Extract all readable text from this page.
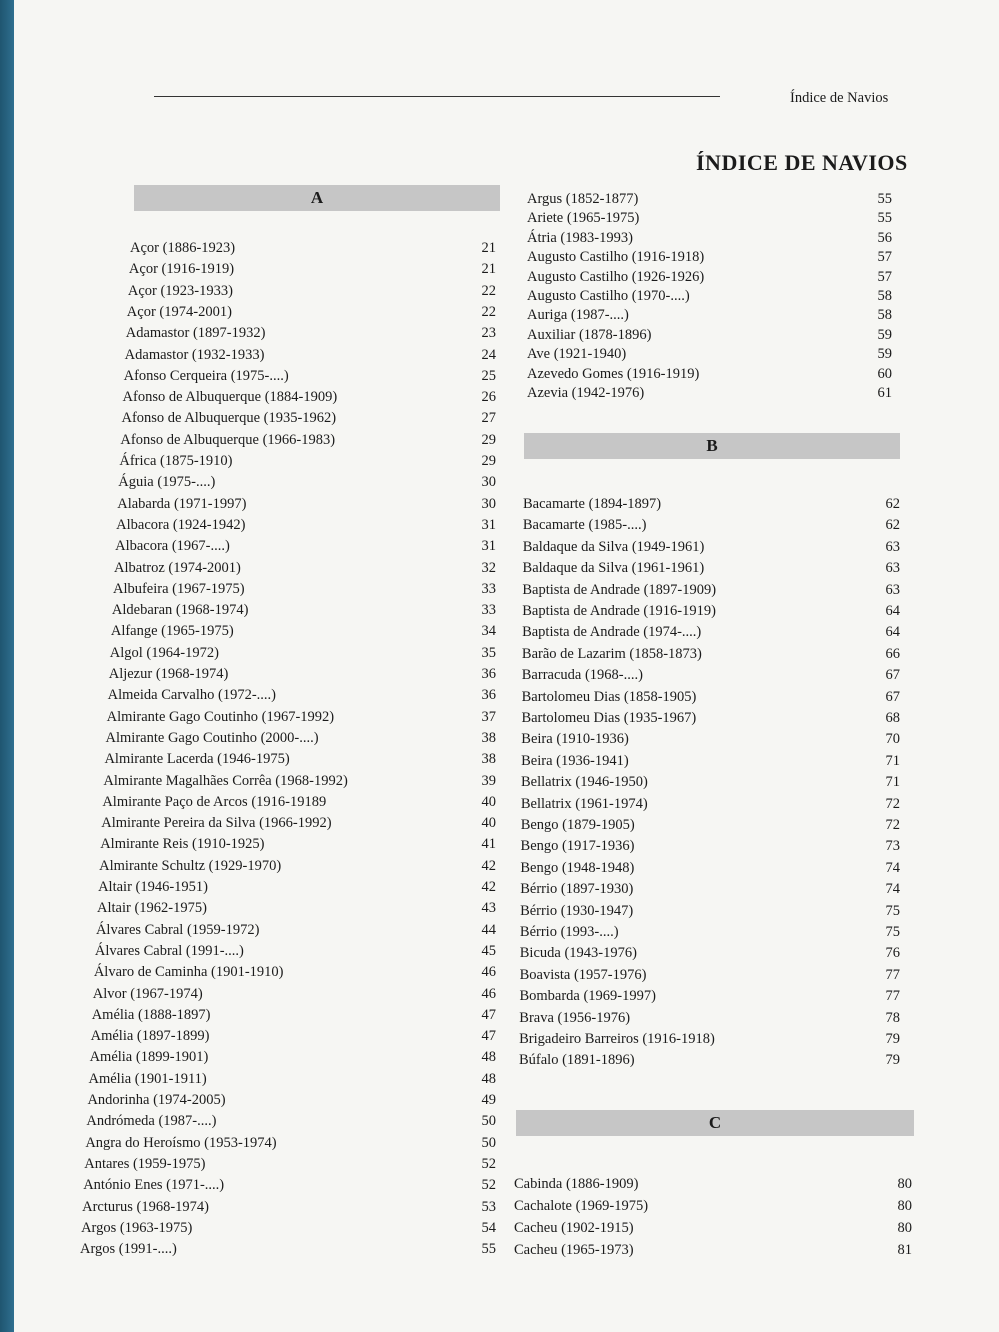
Índice de Navios
ÍNDICE DE NAVIOS
A
Açor (1886-1923)	21
Açor (1916-1919)	21
Açor (1923-1933)	22
Açor (1974-2001)	22
Adamastor (1897-1932)	23
Adamastor (1932-1933)	24
Afonso Cerqueira (1975-....)	25
Afonso de Albuquerque (1884-1909)	26
Afonso de Albuquerque (1935-1962)	27
Afonso de Albuquerque (1966-1983)	29
África (1875-1910)	29
Águia (1975-....)	30
Alabarda (1971-1997)	30
Albacora (1924-1942)	31
Albacora (1967-....)	31
Albatroz (1974-2001)	32
Albufeira (1967-1975)	33
Aldebaran (1968-1974)	33
Alfange (1965-1975)	34
Algol (1964-1972)	35
Aljezur (1968-1974)	36
Almeida Carvalho (1972-....)	36
Almirante Gago Coutinho (1967-1992)	37
Almirante Gago Coutinho (2000-....)	38
Almirante Lacerda (1946-1975)	38
Almirante Magalhães Corrêa (1968-1992)	39
Almirante Paço de Arcos (1916-19189	40
Almirante Pereira da Silva (1966-1992)	40
Almirante Reis (1910-1925)	41
Almirante Schultz (1929-1970)	42
Altair (1946-1951)	42
Altair (1962-1975)	43
Álvares Cabral (1959-1972)	44
Álvares Cabral (1991-....)	45
Álvaro de Caminha (1901-1910)	46
Alvor (1967-1974)	46
Amélia (1888-1897)	47
Amélia (1897-1899)	47
Amélia (1899-1901)	48
Amélia (1901-1911)	48
Andorinha (1974-2005)	49
Andrómeda (1987-....)	50
Angra do Heroísmo (1953-1974)	50
Antares (1959-1975)	52
António Enes (1971-....)	52
Arcturus (1968-1974)	53
Argos (1963-1975)	54
Argos (1991-....)	55
Argus (1852-1877)	55
Ariete (1965-1975)	55
Átria (1983-1993)	56
Augusto Castilho (1916-1918)	57
Augusto Castilho (1926-1926)	57
Augusto Castilho (1970-....)	58
Auriga (1987-....)	58
Auxiliar (1878-1896)	59
Ave (1921-1940)	59
Azevedo Gomes (1916-1919)	60
Azevia (1942-1976)	61
B
Bacamarte (1894-1897)	62
Bacamarte (1985-....)	62
Baldaque da Silva (1949-1961)	63
Baldaque da Silva (1961-1961)	63
Baptista de Andrade (1897-1909)	63
Baptista de Andrade (1916-1919)	64
Baptista de Andrade (1974-....)	64
Barão de Lazarim (1858-1873)	66
Barracuda (1968-....)	67
Bartolomeu Dias (1858-1905)	67
Bartolomeu Dias (1935-1967)	68
Beira (1910-1936)	70
Beira (1936-1941)	71
Bellatrix (1946-1950)	71
Bellatrix (1961-1974)	72
Bengo (1879-1905)	72
Bengo (1917-1936)	73
Bengo (1948-1948)	74
Bérrio (1897-1930)	74
Bérrio (1930-1947)	75
Bérrio (1993-....)	75
Bicuda (1943-1976)	76
Boavista (1957-1976)	77
Bombarda (1969-1997)	77
Brava (1956-1976)	78
Brigadeiro Barreiros (1916-1918)	79
Búfalo (1891-1896)	79
C
Cabinda (1886-1909)	80
Cachalote (1969-1975)	80
Cacheu (1902-1915)	80
Cacheu (1965-1973)	81
